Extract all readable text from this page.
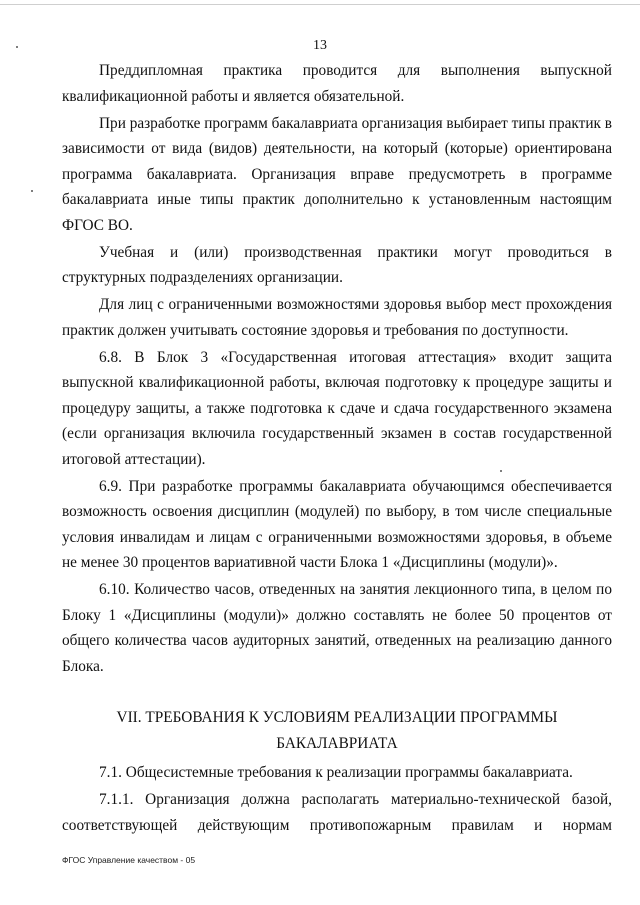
13

Преддипломная практика проводится для выполнения выпускной квалификационной работы и является обязательной.

При разработке программ бакалавриата организация выбирает типы практик в зависимости от вида (видов) деятельности, на который (которые) ориентирована программа бакалавриата. Организация вправе предусмотреть в программе бакалавриата иные типы практик дополнительно к установленным настоящим ФГОС ВО.

Учебная и (или) производственная практики могут проводиться в структурных подразделениях организации.

Для лиц с ограниченными возможностями здоровья выбор мест прохождения практик должен учитывать состояние здоровья и требования по доступности.

6.8. В Блок 3 «Государственная итоговая аттестация» входит защита выпускной квалификационной работы, включая подготовку к процедуре защиты и процедуру защиты, а также подготовка к сдаче и сдача государственного экзамена (если организация включила государственный экзамен в состав государственной итоговой аттестации).

6.9. При разработке программы бакалавриата обучающимся обеспечивается возможность освоения дисциплин (модулей) по выбору, в том числе специальные условия инвалидам и лицам с ограниченными возможностями здоровья, в объеме не менее 30 процентов вариативной части Блока 1 «Дисциплины (модули)».

6.10. Количество часов, отведенных на занятия лекционного типа, в целом по Блоку 1 «Дисциплины (модули)» должно составлять не более 50 процентов от общего количества часов аудиторных занятий, отведенных на реализацию данного Блока.

VII. ТРЕБОВАНИЯ К УСЛОВИЯМ РЕАЛИЗАЦИИ ПРОГРАММЫ
БАКАЛАВРИАТА

7.1. Общесистемные требования к реализации программы бакалавриата.

7.1.1. Организация должна располагать материально-технической базой, соответствующей действующим противопожарным правилам и нормам

ФГОС Управление качеством - 05
